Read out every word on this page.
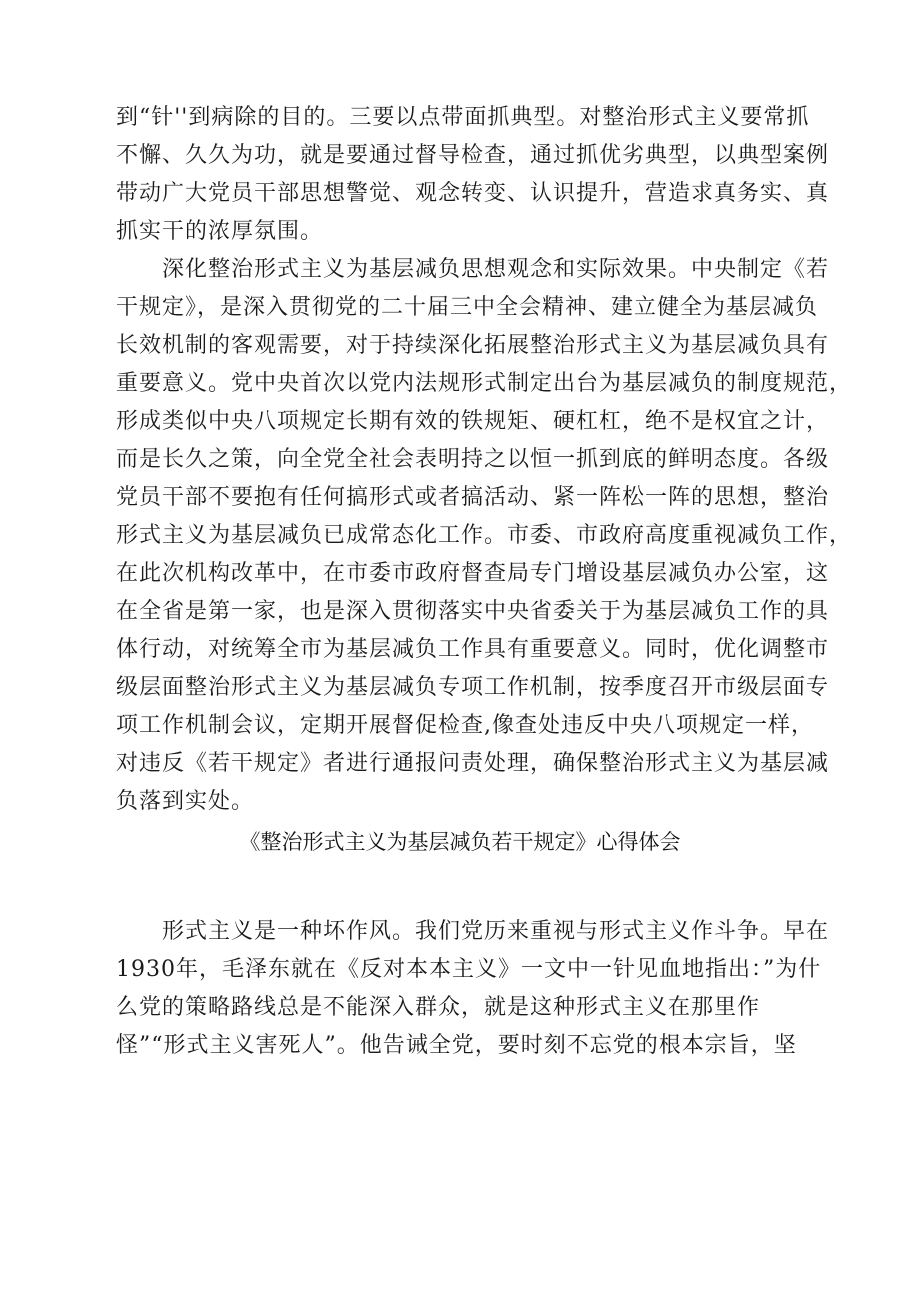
到“针''到病除的目的。三要以点带面抓典型。对整治形式主义要常抓
不懈、久久为功，就是要通过督导检查，通过抓优劣典型，以典型案例
带动广大党员干部思想警觉、观念转变、认识提升，营造求真务实、真
抓实干的浓厚氛围。
深化整治形式主义为基层减负思想观念和实际效果。中央制定《若
干规定》，是深入贯彻党的二十届三中全会精神、建立健全为基层减负
长效机制的客观需要，对于持续深化拓展整治形式主义为基层减负具有
重要意义。党中央首次以党内法规形式制定出台为基层减负的制度规范，
形成类似中央八项规定长期有效的铁规矩、硬杠杠，绝不是权宜之计，
而是长久之策，向全党全社会表明持之以恒一抓到底的鲜明态度。各级
党员干部不要抱有任何搞形式或者搞活动、紧一阵松一阵的思想，整治
形式主义为基层减负已成常态化工作。市委、市政府高度重视减负工作，
在此次机构改革中，在市委市政府督查局专门增设基层减负办公室，这
在全省是第一家，也是深入贯彻落实中央省委关于为基层减负工作的具
体行动，对统筹全市为基层减负工作具有重要意义。同时，优化调整市
级层面整治形式主义为基层减负专项工作机制，按季度召开市级层面专
项工作机制会议，定期开展督促检查,像查处违反中央八项规定一样，
对违反《若干规定》者进行通报问责处理，确保整治形式主义为基层减
负落到实处。
《整治形式主义为基层减负若干规定》心得体会
形式主义是一种坏作风。我们党历来重视与形式主义作斗争。早在
1930年，毛泽东就在《反对本本主义》一文中一针见血地指出：”为什
么党的策略路线总是不能深入群众，就是这种形式主义在那里作
怪”“形式主义害死人”。他告诫全党，要时刻不忘党的根本宗旨，坚
